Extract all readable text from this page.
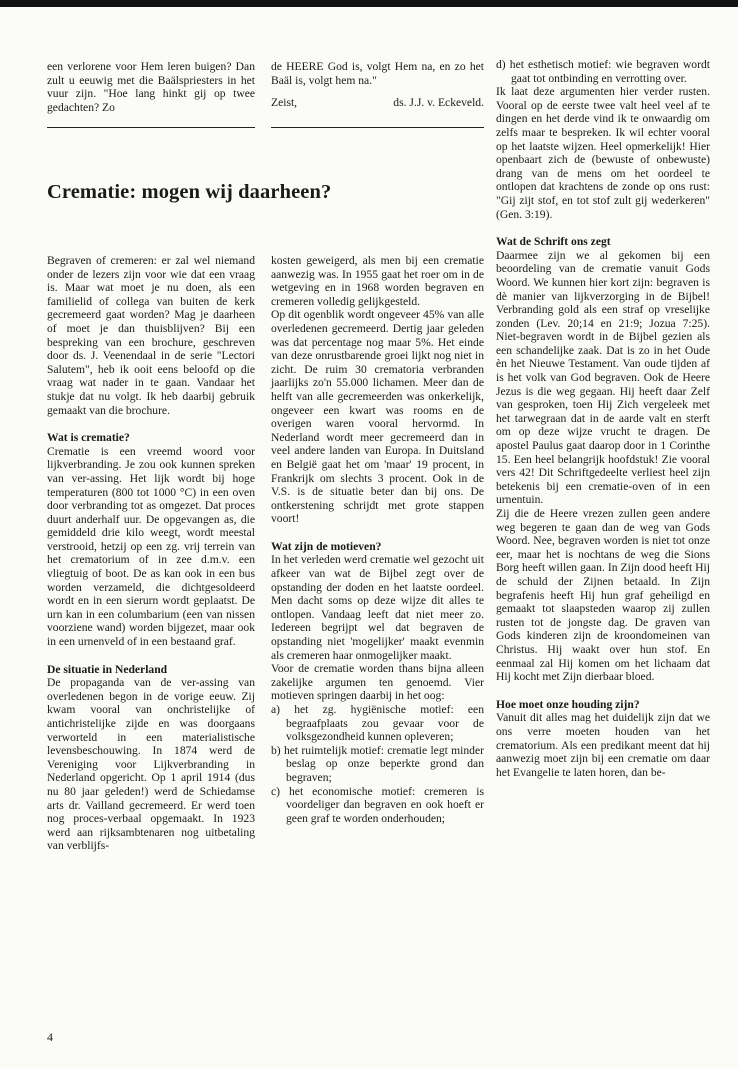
een verlorene voor Hem leren buigen? Dan zult u eeuwig met die Baälspriesters in het vuur zijn. "Hoe lang hinkt gij op twee gedachten? Zo

de HEERE God is, volgt Hem na, en zo het Baäl is, volgt hem na."

Zeist,	ds. J.J. v. Eckeveld.
Crematie: mogen wij daarheen?

Begraven of cremeren: er zal wel niemand onder de lezers zijn voor wie dat een vraag is. Maar wat moet je nu doen, als een familielid of collega van buiten de kerk gecremeerd gaat worden? Mag je daarheen of moet je dan thuisblijven? Bij een bespreking van een brochure, geschreven door ds. J. Veenendaal in de serie "Lectori Salutem", heb ik ooit eens beloofd op die vraag wat nader in te gaan. Vandaar het stukje dat nu volgt. Ik heb daarbij gebruik gemaakt van die brochure.

Wat is crematie?

Crematie is een vreemd woord voor lijkverbranding. Je zou ook kunnen spreken van ver-assing. Het lijk wordt bij hoge temperaturen (800 tot 1000 °C) in een oven door verbranding tot as omgezet. Dat proces duurt anderhalf uur. De opgevangen as, die gemiddeld drie kilo weegt, wordt meestal verstrooid, hetzij op een zg. vrij terrein van het crematorium of in zee d.m.v. een vliegtuig of boot. De as kan ook in een bus worden verzameld, die dichtgesoldeerd wordt en in een sierurn wordt geplaatst. De urn kan in een columbarium (een van nissen voorziene wand) worden bijgezet, maar ook in een urnenveld of in een bestaand graf.

De situatie in Nederland

De propaganda van de ver-assing van overledenen begon in de vorige eeuw. Zij kwam vooral van onchristelijke of antichristelijke zijde en was doorgaans verworteld in een materialistische levensbeschouwing. In 1874 werd de Vereniging voor Lijkverbranding in Nederland opgericht. Op 1 april 1914 (dus nu 80 jaar geleden!) werd de Schiedamse arts dr. Vailland gecremeerd. Er werd toen nog proces-verbaal opgemaakt. In 1923 werd aan rijksambtenaren nog uitbetaling van verblijfs-

kosten geweigerd, als men bij een crematie aanwezig was. In 1955 gaat het roer om in de wetgeving en in 1968 worden begraven en cremeren volledig gelijkgesteld.

Op dit ogenblik wordt ongeveer 45% van alle overledenen gecremeerd. Dertig jaar geleden was dat percentage nog maar 5%. Het einde van deze onrustbarende groei lijkt nog niet in zicht. De ruim 30 crematoria verbranden jaarlijks zo'n 55.000 lichamen. Meer dan de helft van alle gecremeerden was onkerkelijk, ongeveer een kwart was rooms en de overigen waren vooral hervormd. In Nederland wordt meer gecremeerd dan in veel andere landen van Europa. In Duitsland en België gaat het om 'maar' 19 procent, in Frankrijk om slechts 3 procent. Ook in de V.S. is de situatie beter dan bij ons. De ontkerstening schrijdt met grote stappen voort!

Wat zijn de motieven?

In het verleden werd crematie wel gezocht uit afkeer van wat de Bijbel zegt over de opstanding der doden en het laatste oordeel. Men dacht soms op deze wijze dit alles te ontlopen. Vandaag leeft dat niet meer zo. Iedereen begrijpt wel dat begraven de opstanding niet 'mogelijker' maakt evenmin als cremeren haar onmogelijker maakt.

Voor de crematie worden thans bijna alleen zakelijke argumen ten genoemd. Vier motieven springen daarbij in het oog:

a) het zg. hygiënische motief: een begraafplaats zou gevaar voor de volksgezondheid kunnen opleveren;

b) het ruimtelijk motief: crematie legt minder beslag op onze beperkte grond dan begraven;

c) het economische motief: cremeren is voordeliger dan begraven en ook hoeft er geen graf te worden onderhouden;

d) het esthetisch motief: wie begraven wordt gaat tot ontbinding en verrotting over.

Ik laat deze argumenten hier verder rusten. Vooral op de eerste twee valt heel veel af te dingen en het derde vind ik te onwaardig om zelfs maar te bespreken. Ik wil echter vooral op het laatste wijzen. Heel opmerkelijk! Hier openbaart zich de (bewuste of onbewuste) drang van de mens om het oordeel te ontlopen dat krachtens de zonde op ons rust: "Gij zijt stof, en tot stof zult gij wederkeren" (Gen. 3:19).

Wat de Schrift ons zegt

Daarmee zijn we al gekomen bij een beoordeling van de crematie vanuit Gods Woord. We kunnen hier kort zijn: begraven is dè manier van lijkverzorging in de Bijbel! Verbranding gold als een straf op vreselijke zonden (Lev. 20;14 en 21:9; Jozua 7:25). Niet-begraven wordt in de Bijbel gezien als een schandelijke zaak. Dat is zo in het Oude èn het Nieuwe Testament. Van oude tijden af is het volk van God begraven. Ook de Heere Jezus is die weg gegaan. Hij heeft daar Zelf van gesproken, toen Hij Zich vergeleek met het tarwegraan dat in de aarde valt en sterft om op deze wijze vrucht te dragen. De apostel Paulus gaat daarop door in 1 Corinthe 15. Een heel belangrijk hoofdstuk! Zie vooral vers 42! Dit Schriftgedeelte verliest heel zijn betekenis bij een crematie-oven of in een urnentuin.

Zij die de Heere vrezen zullen geen andere weg begeren te gaan dan de weg van Gods Woord. Nee, begraven worden is niet tot onze eer, maar het is nochtans de weg die Sions Borg heeft willen gaan. In Zijn dood heeft Hij de schuld der Zijnen betaald. In Zijn begrafenis heeft Hij hun graf geheiligd en gemaakt tot slaapsteden waarop zij zullen rusten tot de jongste dag. De graven van Gods kinderen zijn de kroondomeinen van Christus. Hij waakt over hun stof. En eenmaal zal Hij komen om het lichaam dat Hij kocht met Zijn dierbaar bloed.

Hoe moet onze houding zijn?

Vanuit dit alles mag het duidelijk zijn dat we ons verre moeten houden van het crematorium. Als een predikant meent dat hij aanwezig moet zijn bij een crematie om daar het Evangelie te laten horen, dan be-

4
